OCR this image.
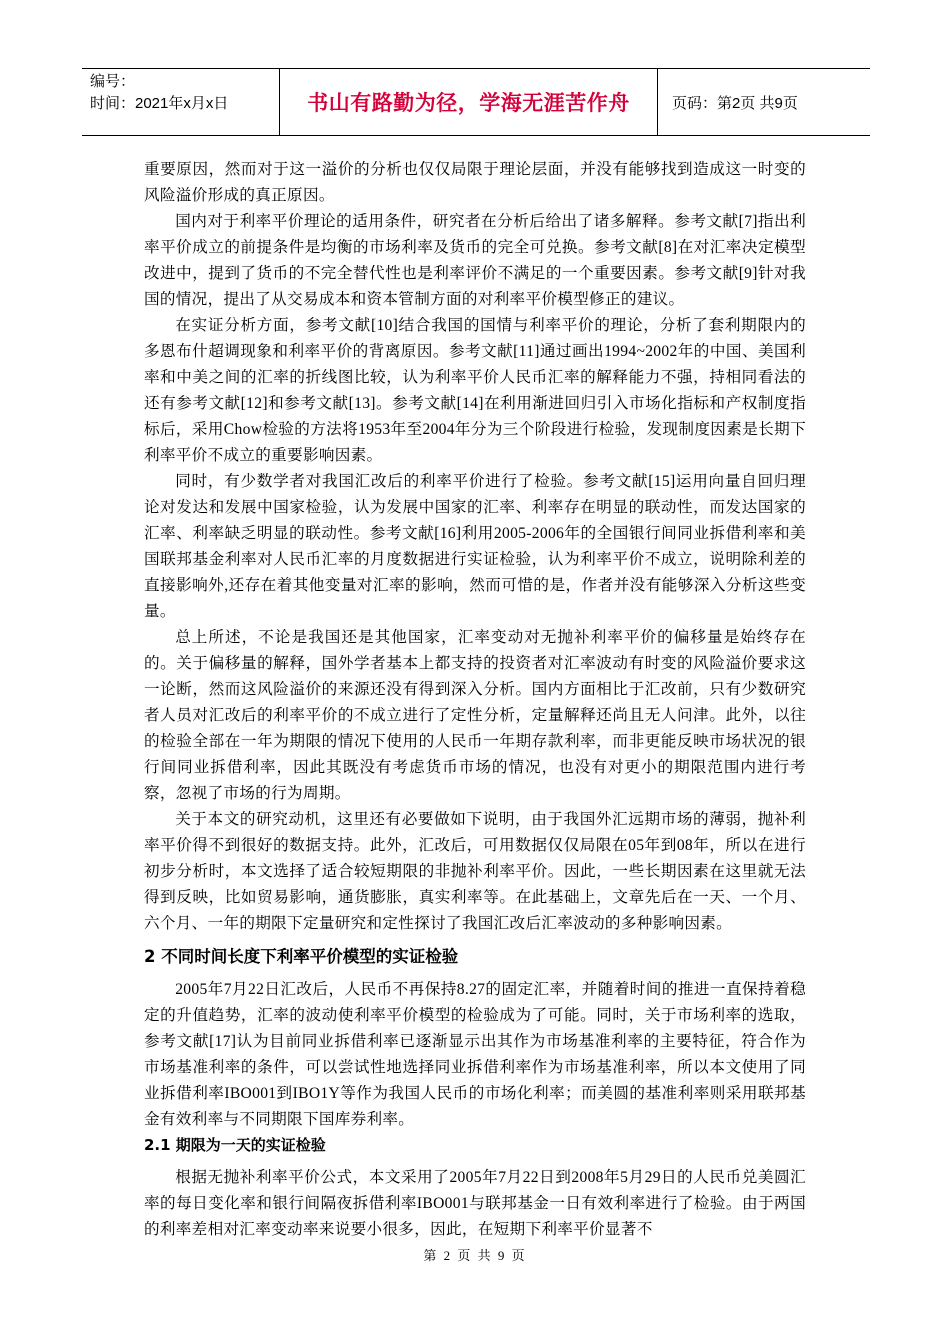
编号：
时间：2021年x月x日	书山有路勤为径，学海无涯苦作舟	页码：第2页 共9页

重要原因，然而对于这一溢价的分析也仅仅局限于理论层面，并没有能够找到造成这一时变的风险溢价形成的真正原因。

国内对于利率平价理论的适用条件，研究者在分析后给出了诸多解释。参考文献[7]指出利率平价成立的前提条件是均衡的市场利率及货币的完全可兑换。参考文献[8]在对汇率决定模型改进中，提到了货币的不完全替代性也是利率评价不满足的一个重要因素。参考文献[9]针对我国的情况，提出了从交易成本和资本管制方面的对利率平价模型修正的建议。

在实证分析方面，参考文献[10]结合我国的国情与利率平价的理论，分析了套利期限内的多恩布什超调现象和利率平价的背离原因。参考文献[11]通过画出1994~2002年的中国、美国利率和中美之间的汇率的折线图比较，认为利率平价人民币汇率的解释能力不强，持相同看法的还有参考文献[12]和参考文献[13]。参考文献[14]在利用渐进回归引入市场化指标和产权制度指标后，采用Chow检验的方法将1953年至2004年分为三个阶段进行检验，发现制度因素是长期下利率平价不成立的重要影响因素。

同时，有少数学者对我国汇改后的利率平价进行了检验。参考文献[15]运用向量自回归理论对发达和发展中国家检验，认为发展中国家的汇率、利率存在明显的联动性，而发达国家的汇率、利率缺乏明显的联动性。参考文献[16]利用2005-2006年的全国银行间同业拆借利率和美国联邦基金利率对人民币汇率的月度数据进行实证检验，认为利率平价不成立，说明除利差的直接影响外,还存在着其他变量对汇率的影响，然而可惜的是，作者并没有能够深入分析这些变量。

总上所述，不论是我国还是其他国家，汇率变动对无抛补利率平价的偏移量是始终存在的。关于偏移量的解释，国外学者基本上都支持的投资者对汇率波动有时变的风险溢价要求这一论断，然而这风险溢价的来源还没有得到深入分析。国内方面相比于汇改前，只有少数研究者人员对汇改后的利率平价的不成立进行了定性分析，定量解释还尚且无人问津。此外，以往的检验全部在一年为期限的情况下使用的人民币一年期存款利率，而非更能反映市场状况的银行间同业拆借利率，因此其既没有考虑货币市场的情况，也没有对更小的期限范围内进行考察，忽视了市场的行为周期。

关于本文的研究动机，这里还有必要做如下说明，由于我国外汇远期市场的薄弱，抛补利率平价得不到很好的数据支持。此外，汇改后，可用数据仅仅局限在05年到08年，所以在进行初步分析时，本文选择了适合较短期限的非抛补利率平价。因此，一些长期因素在这里就无法得到反映，比如贸易影响，通货膨胀，真实利率等。在此基础上，文章先后在一天、一个月、六个月、一年的期限下定量研究和定性探讨了我国汇改后汇率波动的多种影响因素。

2 不同时间长度下利率平价模型的实证检验

2005年7月22日汇改后，人民币不再保持8.27的固定汇率，并随着时间的推进一直保持着稳定的升值趋势，汇率的波动使利率平价模型的检验成为了可能。同时，关于市场利率的选取，参考文献[17]认为目前同业拆借利率已逐渐显示出其作为市场基准利率的主要特征，符合作为市场基准利率的条件，可以尝试性地选择同业拆借利率作为市场基准利率，所以本文使用了同业拆借利率IBO001到IBO1Y等作为我国人民币的市场化利率；而美圆的基准利率则采用联邦基金有效利率与不同期限下国库券利率。

2.1 期限为一天的实证检验

根据无抛补利率平价公式，本文采用了2005年7月22日到2008年5月29日的人民币兑美圆汇率的每日变化率和银行间隔夜拆借利率IBO001与联邦基金一日有效利率进行了检验。由于两国的利率差相对汇率变动率来说要小很多，因此，在短期下利率平价显著不

第 2 页 共 9 页
